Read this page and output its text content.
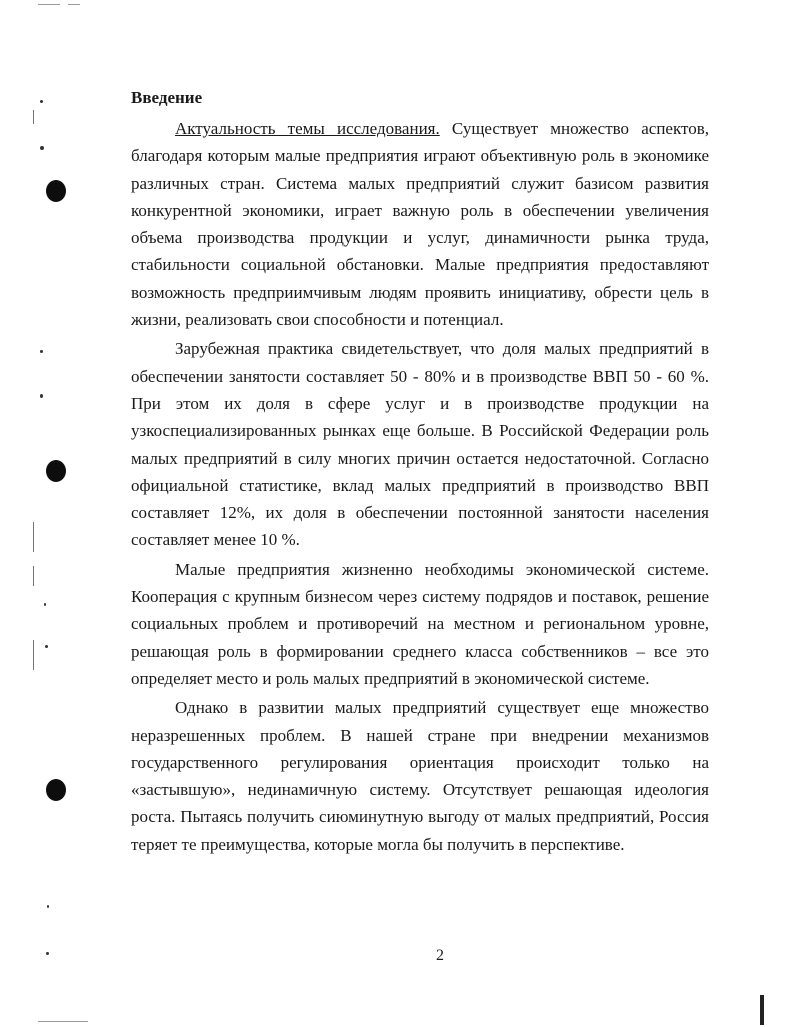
Введение

Актуальность темы исследования. Существует множество аспектов, благодаря которым малые предприятия играют объективную роль в экономике различных стран. Система малых предприятий служит базисом развития конкурентной экономики, играет важную роль в обеспечении увеличения объема производства продукции и услуг, динамичности рынка труда, стабильности социальной обстановки. Малые предприятия предоставляют возможность предприимчивым людям проявить инициативу, обрести цель в жизни, реализовать свои способности и потенциал.

Зарубежная практика свидетельствует, что доля малых предприятий в обеспечении занятости составляет 50 - 80% и в производстве ВВП 50 - 60 %. При этом их доля в сфере услуг и в производстве продукции на узкоспециализированных рынках еще больше. В Российской Федерации роль малых предприятий в силу многих причин остается недостаточной. Согласно официальной статистике, вклад малых предприятий в производство ВВП составляет 12%, их доля в обеспечении постоянной занятости населения составляет менее 10 %.

Малые предприятия жизненно необходимы экономической системе. Кооперация с крупным бизнесом через систему подрядов и поставок, решение социальных проблем и противоречий на местном и региональном уровне, решающая роль в формировании среднего класса собственников – все это определяет место и роль малых предприятий в экономической системе.

Однако в развитии малых предприятий существует еще множество неразрешенных проблем. В нашей стране при внедрении механизмов государственного регулирования ориентация происходит только на «застывшую», нединамичную систему. Отсутствует решающая идеология роста. Пытаясь получить сиюминутную выгоду от малых предприятий, Россия теряет те преимущества, которые могла бы получить в перспективе.

2
